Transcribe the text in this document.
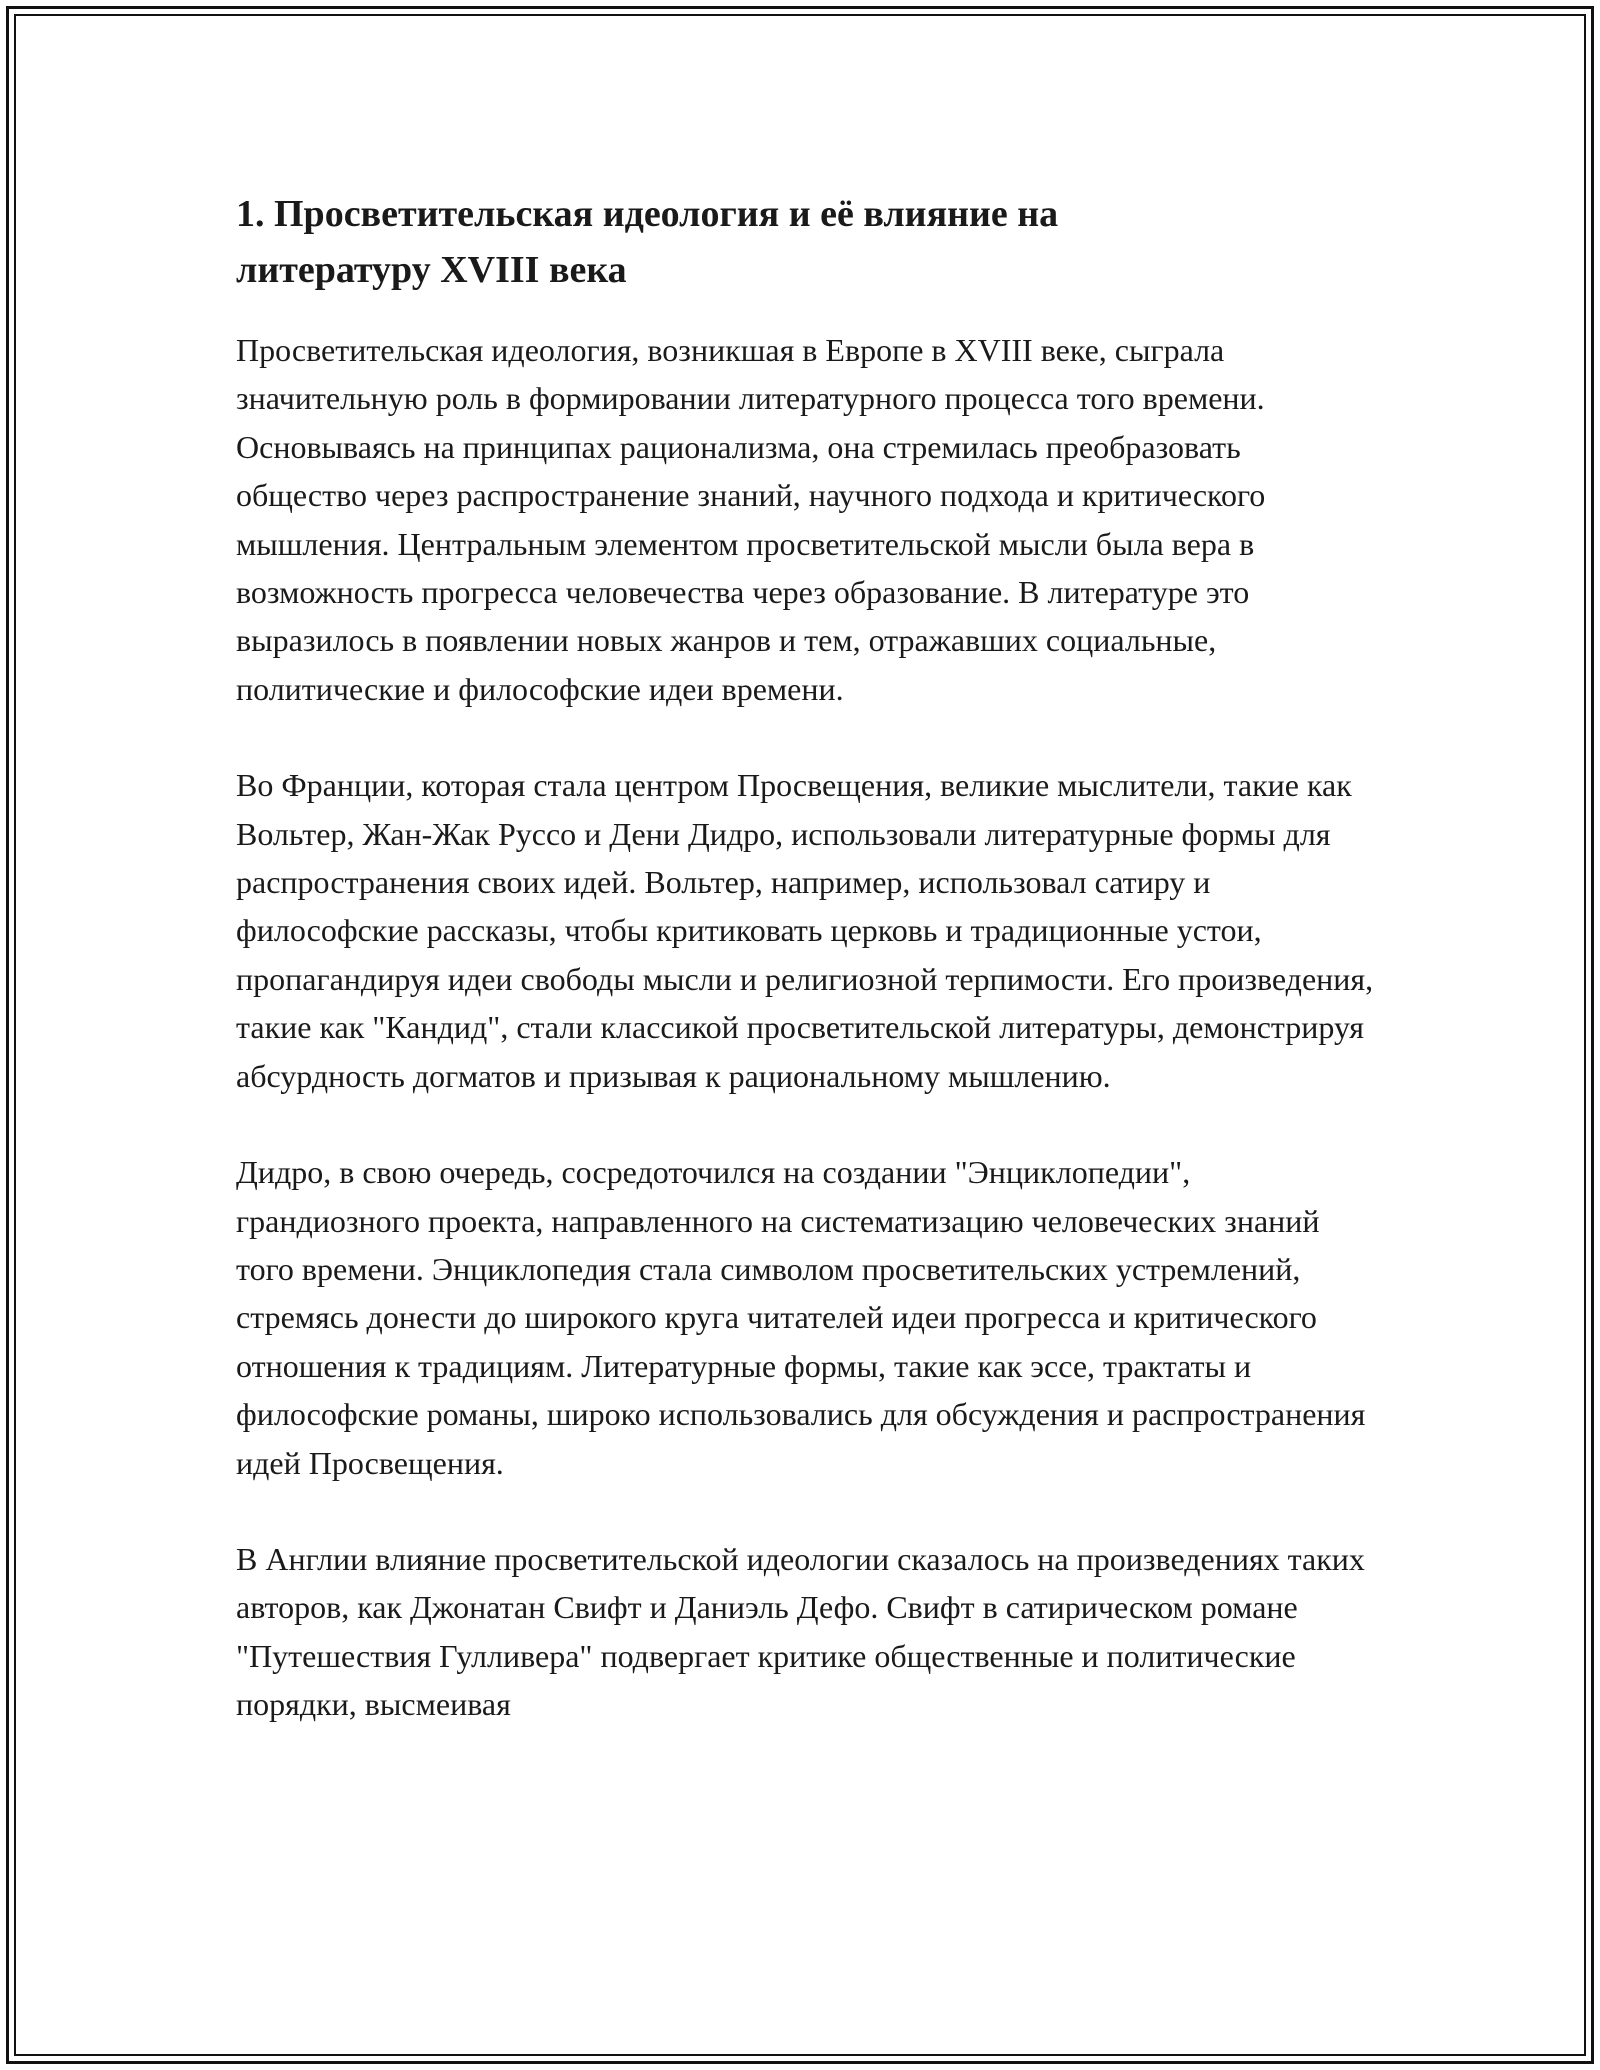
1. Просветительская идеология и её влияние на литературу XVIII века

Просветительская идеология, возникшая в Европе в XVIII веке, сыграла значительную роль в формировании литературного процесса того времени. Основываясь на принципах рационализма, она стремилась преобразовать общество через распространение знаний, научного подхода и критического мышления. Центральным элементом просветительской мысли была вера в возможность прогресса человечества через образование. В литературе это выразилось в появлении новых жанров и тем, отражавших социальные, политические и философские идеи времени.

Во Франции, которая стала центром Просвещения, великие мыслители, такие как Вольтер, Жан-Жак Руссо и Дени Дидро, использовали литературные формы для распространения своих идей. Вольтер, например, использовал сатиру и философские рассказы, чтобы критиковать церковь и традиционные устои, пропагандируя идеи свободы мысли и религиозной терпимости. Его произведения, такие как "Кандид", стали классикой просветительской литературы, демонстрируя абсурдность догматов и призывая к рациональному мышлению.

Дидро, в свою очередь, сосредоточился на создании "Энциклопедии", грандиозного проекта, направленного на систематизацию человеческих знаний того времени. Энциклопедия стала символом просветительских устремлений, стремясь донести до широкого круга читателей идеи прогресса и критического отношения к традициям. Литературные формы, такие как эссе, трактаты и философские романы, широко использовались для обсуждения и распространения идей Просвещения.

В Англии влияние просветительской идеологии сказалось на произведениях таких авторов, как Джонатан Свифт и Даниэль Дефо. Свифт в сатирическом романе "Путешествия Гулливера" подвергает критике общественные и политические порядки, высмеивая
